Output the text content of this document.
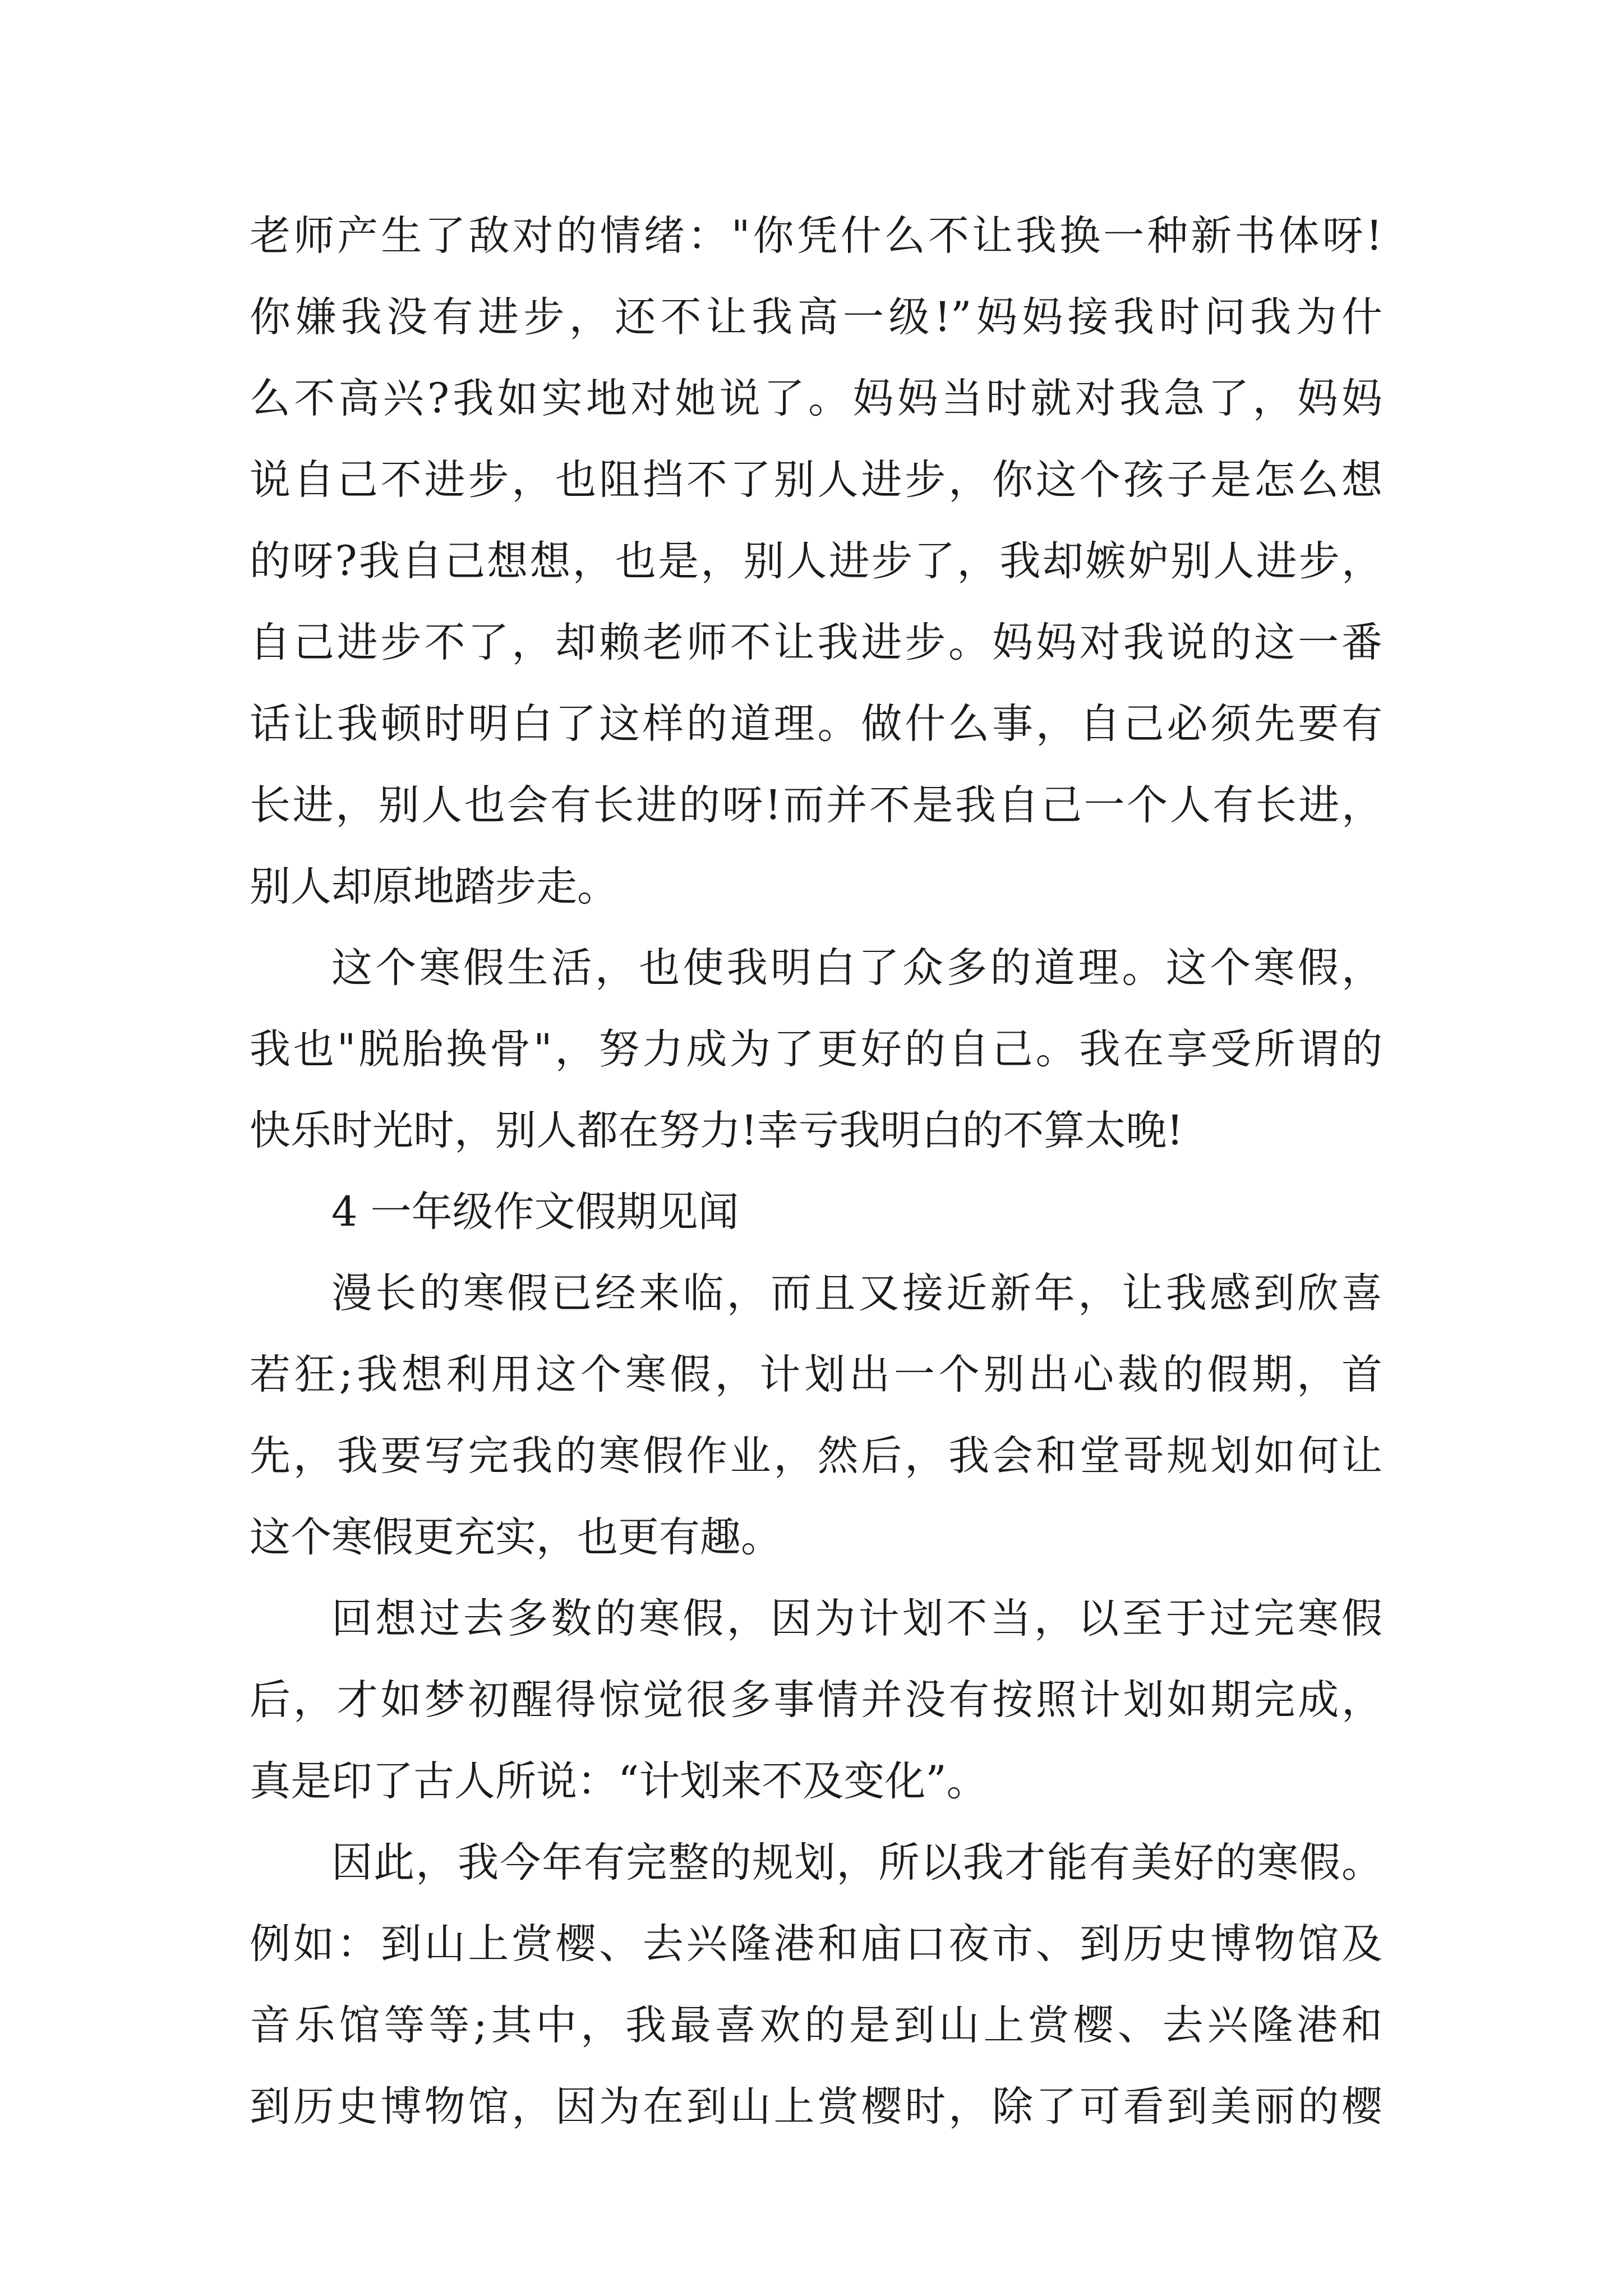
老师产生了敌对的情绪："你凭什么不让我换一种新书体呀!
你嫌我没有进步，还不让我高一级!”妈妈接我时问我为什
么不高兴?我如实地对她说了。妈妈当时就对我急了，妈妈
说自己不进步，也阻挡不了别人进步，你这个孩子是怎么想
的呀?我自己想想，也是，别人进步了，我却嫉妒别人进步，
自己进步不了，却赖老师不让我进步。妈妈对我说的这一番
话让我顿时明白了这样的道理。做什么事，自己必须先要有
长进，别人也会有长进的呀!而并不是我自己一个人有长进，
别人却原地踏步走。
这个寒假生活，也使我明白了众多的道理。这个寒假，
我也"脱胎换骨"，努力成为了更好的自己。我在享受所谓的
快乐时光时，别人都在努力!幸亏我明白的不算太晚!
4 一年级作文假期见闻
漫长的寒假已经来临，而且又接近新年，让我感到欣喜
若狂;我想利用这个寒假，计划出一个别出心裁的假期，首
先，我要写完我的寒假作业，然后，我会和堂哥规划如何让
这个寒假更充实，也更有趣。
回想过去多数的寒假，因为计划不当，以至于过完寒假
后，才如梦初醒得惊觉很多事情并没有按照计划如期完成，
真是印了古人所说：“计划来不及变化”。
因此，我今年有完整的规划，所以我才能有美好的寒假。
例如：到山上赏樱、去兴隆港和庙口夜市、到历史博物馆及
音乐馆等等;其中，我最喜欢的是到山上赏樱、去兴隆港和
到历史博物馆，因为在到山上赏樱时，除了可看到美丽的樱
